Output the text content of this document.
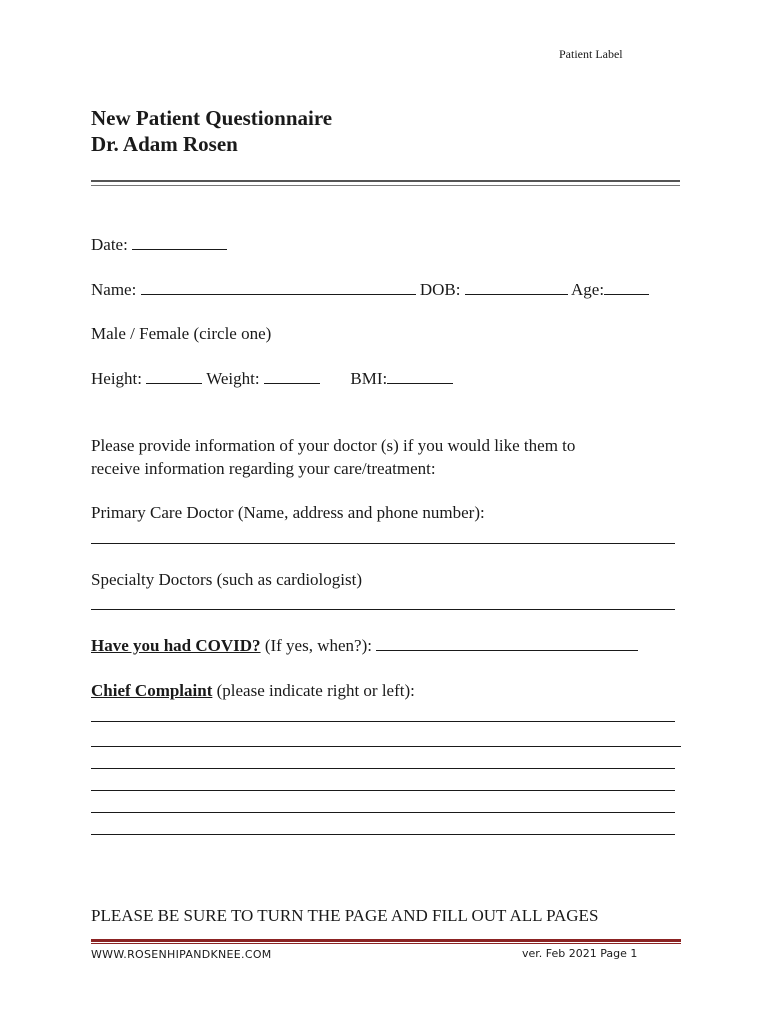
Patient Label
New Patient Questionnaire
Dr. Adam Rosen
Date:
Name:	DOB:	Age:
Male / Female (circle one)
Height:	Weight:	BMI:
Please provide information of your doctor (s) if you would like them to
receive information regarding your care/treatment:
Primary Care Doctor (Name, address and phone number):
Specialty Doctors (such as cardiologist)
Have you had COVID? (If yes, when?):
Chief Complaint (please indicate right or left):
PLEASE BE SURE TO TURN THE PAGE AND FILL OUT ALL PAGES
WWW.ROSENHIPANDKNEE.COM	ver. Feb 2021 Page 1
